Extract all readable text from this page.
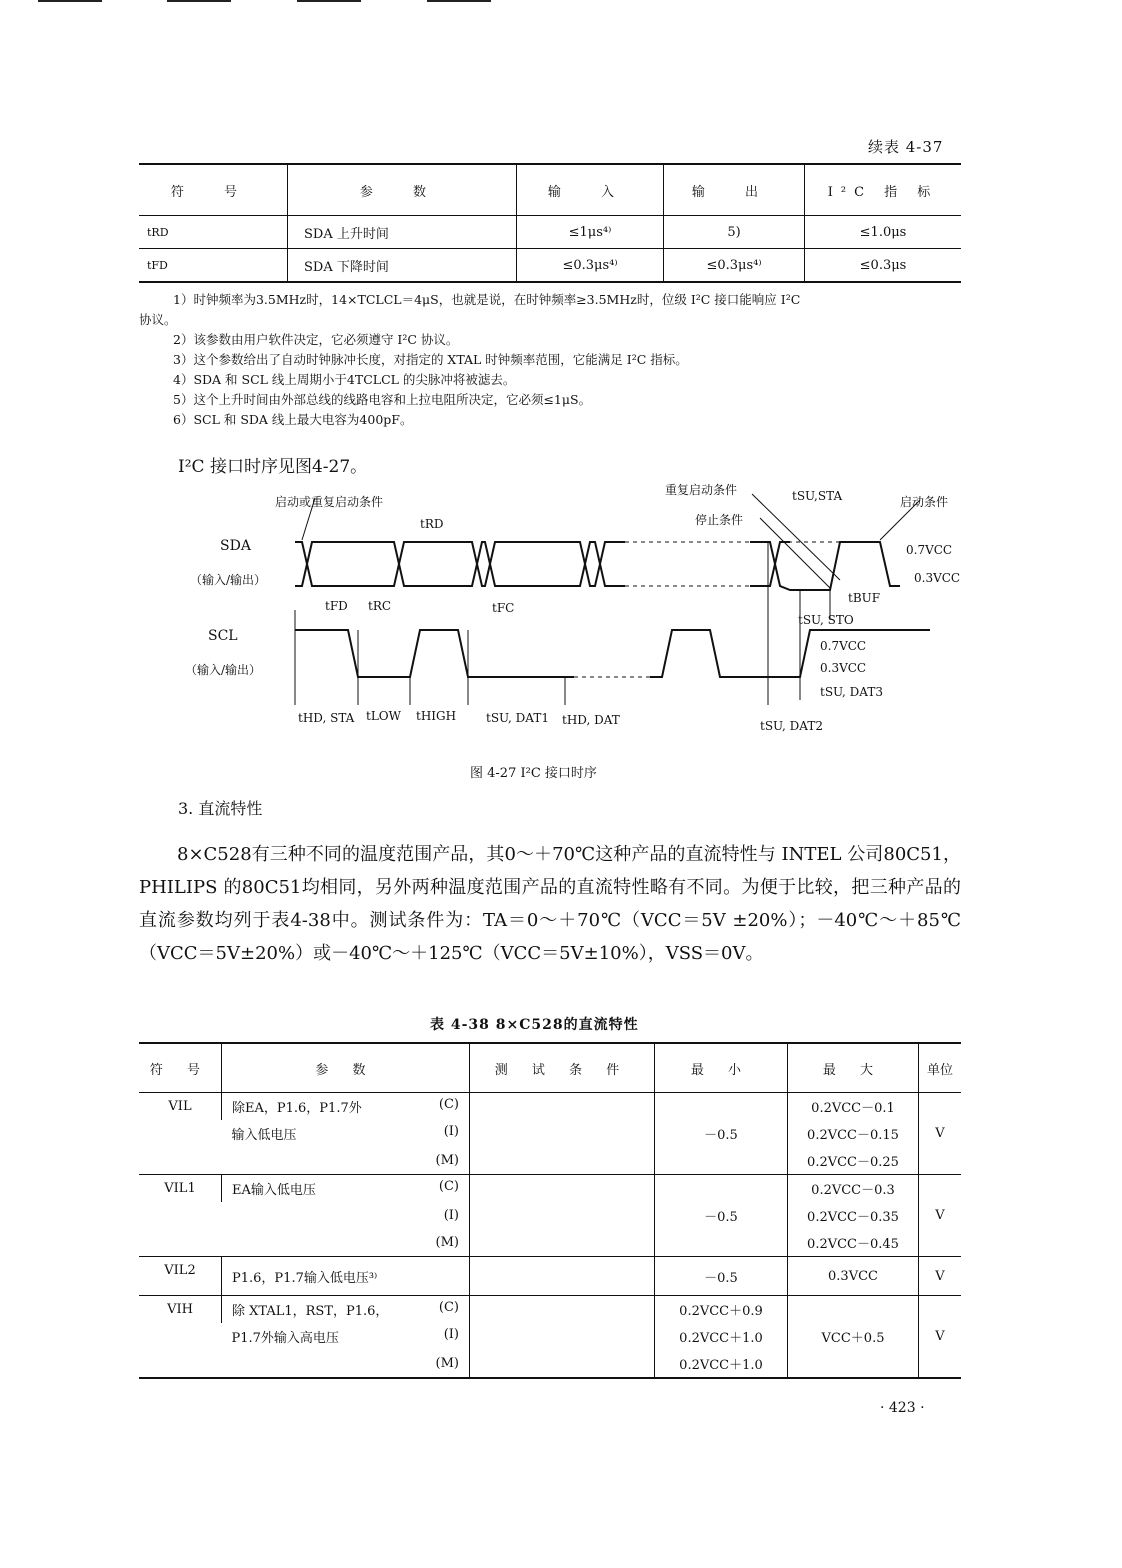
续表 4-37
符 号	参 数	输 入	输 出	I²C 指 标
tRD	SDA 上升时间	≤1μs⁴⁾	5)	≤1.0μs
tFD	SDA 下降时间	≤0.3μs⁴⁾	≤0.3μs⁴⁾	≤0.3μs

1）时钟频率为3.5MHz时，14×TCLCL＝4μS，也就是说，在时钟频率≥3.5MHz时，位级 I²C 接口能响应 I²C

协议。

2）该参数由用户软件决定，它必须遵守 I²C 协议。

3）这个参数给出了自动时钟脉冲长度，对指定的 XTAL 时钟频率范围，它能满足 I²C 指标。

4）SDA 和 SCL 线上周期小于4TCLCL 的尖脉冲将被滤去。

5）这个上升时间由外部总线的线路电容和上拉电阻所决定，它必须≤1μS。

6）SCL 和 SDA 线上最大电容为400pF。

I²C 接口时序见图4-27。
启动或重复启动条件
重复启动条件
停止条件
启动条件
SDA
（输入/输出）
SCL
（输入/输出）
tRD
tFD tRC	tFC
tSU,STA
tBUF
tSU, STO
0.7VCC
0.3VCC
0.7VCC
0.3VCC
tSU, DAT3
tHD, STA tLOW tHIGH tSU, DAT1 tHD, DAT	tSU, DAT2
图 4-27 I²C 接口时序
3. 直流特性

8×C528有三种不同的温度范围产品，其0～＋70℃这种产品的直流特性与 INTEL 公司80C51，PHILIPS 的80C51均相同，另外两种温度范围产品的直流特性略有不同。为便于比较，把三种产品的直流参数均列于表4-38中。测试条件为：TA＝0～＋70℃（VCC＝5V ±20%）；－40℃～＋85℃（VCC＝5V±20%）或－40℃～＋125℃（VCC＝5V±10%），VSS＝0V。

表 4-38 8×C528的直流特性
符 号	参 数	测 试 条 件	最 小	最 大	单位
VIL	除EA，P1.6，P1.7外 (C)			0.2VCC－0.1	V

	输入低电压 (I)		－0.5	0.2VCC－0.15	

	(M)			0.2VCC－0.25	
VIL1	EA输入低电压 (C)			0.2VCC－0.3	V

	(I)		－0.5	0.2VCC－0.35	

	(M)			0.2VCC－0.45	
VIL2	P1.6，P1.7输入低电压³⁾		－0.5	0.3VCC	V
VIH	除 XTAL1，RST，P1.6， (C)		0.2VCC＋0.9		V

	P1.7外输入高电压 (I)		0.2VCC＋1.0	VCC＋0.5	

	(M)		0.2VCC＋1.0		
· 423 ·
